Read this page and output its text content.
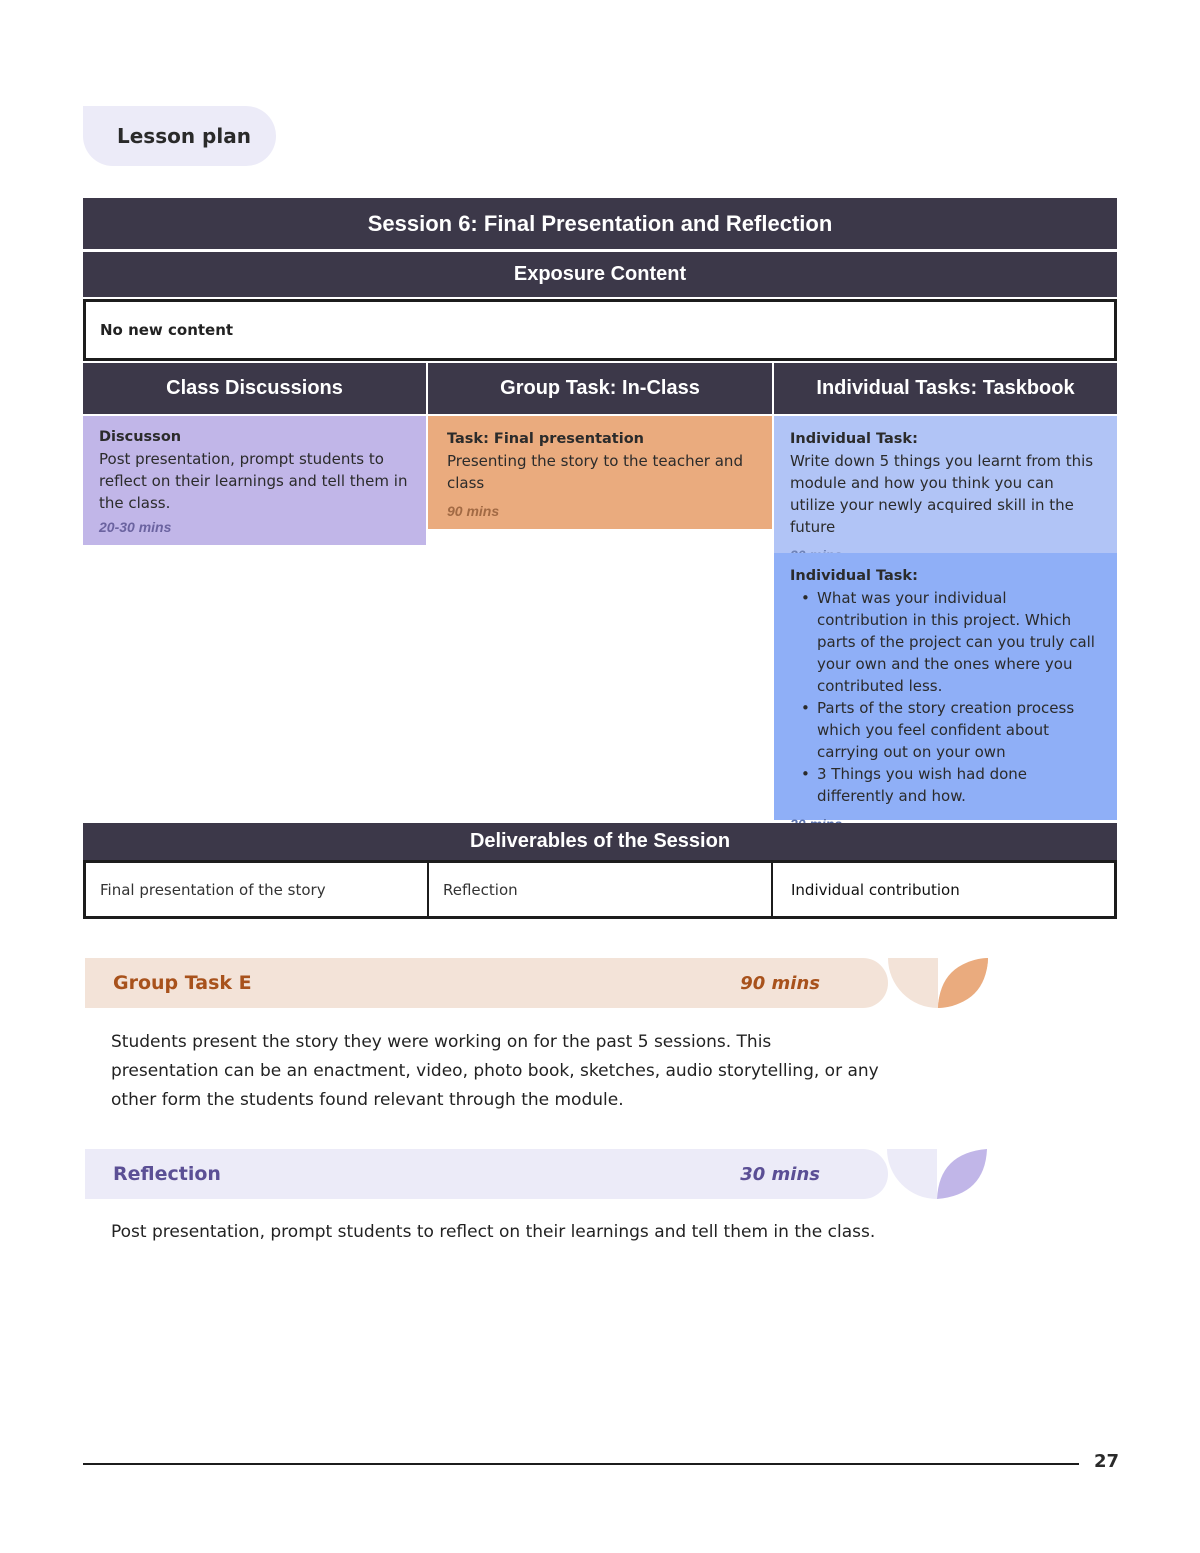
Lesson plan
Session 6: Final Presentation and Reflection
Exposure Content
No new content
Class Discussions	Group Task: In-Class	Individual Tasks: Taskbook
Discusson
Post presentation, prompt students to reflect on their learnings and tell them in the class.
20-30 mins
Task: Final presentation
Presenting the story to the teacher and class
90 mins
Individual Task:
Write down 5 things you learnt from this module and how you think you can utilize your newly acquired skill in the future
Individual Task:
• What was your individual contribution in this project. Which parts of the project can you truly call your own and the ones where you contributed less.
• Parts of the story creation process which you feel confident about carrying out on your own
• 3 Things you wish had done differently and how.
Deliverables of the Session
Final presentation of the story	Reflection	Individual contribution
Group Task E	90 mins
Students present the story they were working on for the past 5 sessions. This presentation can be an enactment, video, photo book, sketches, audio storytelling, or any other form the students found relevant through the module.
Reflection	30 mins
Post presentation, prompt students to reflect on their learnings and tell them in the class.
27
